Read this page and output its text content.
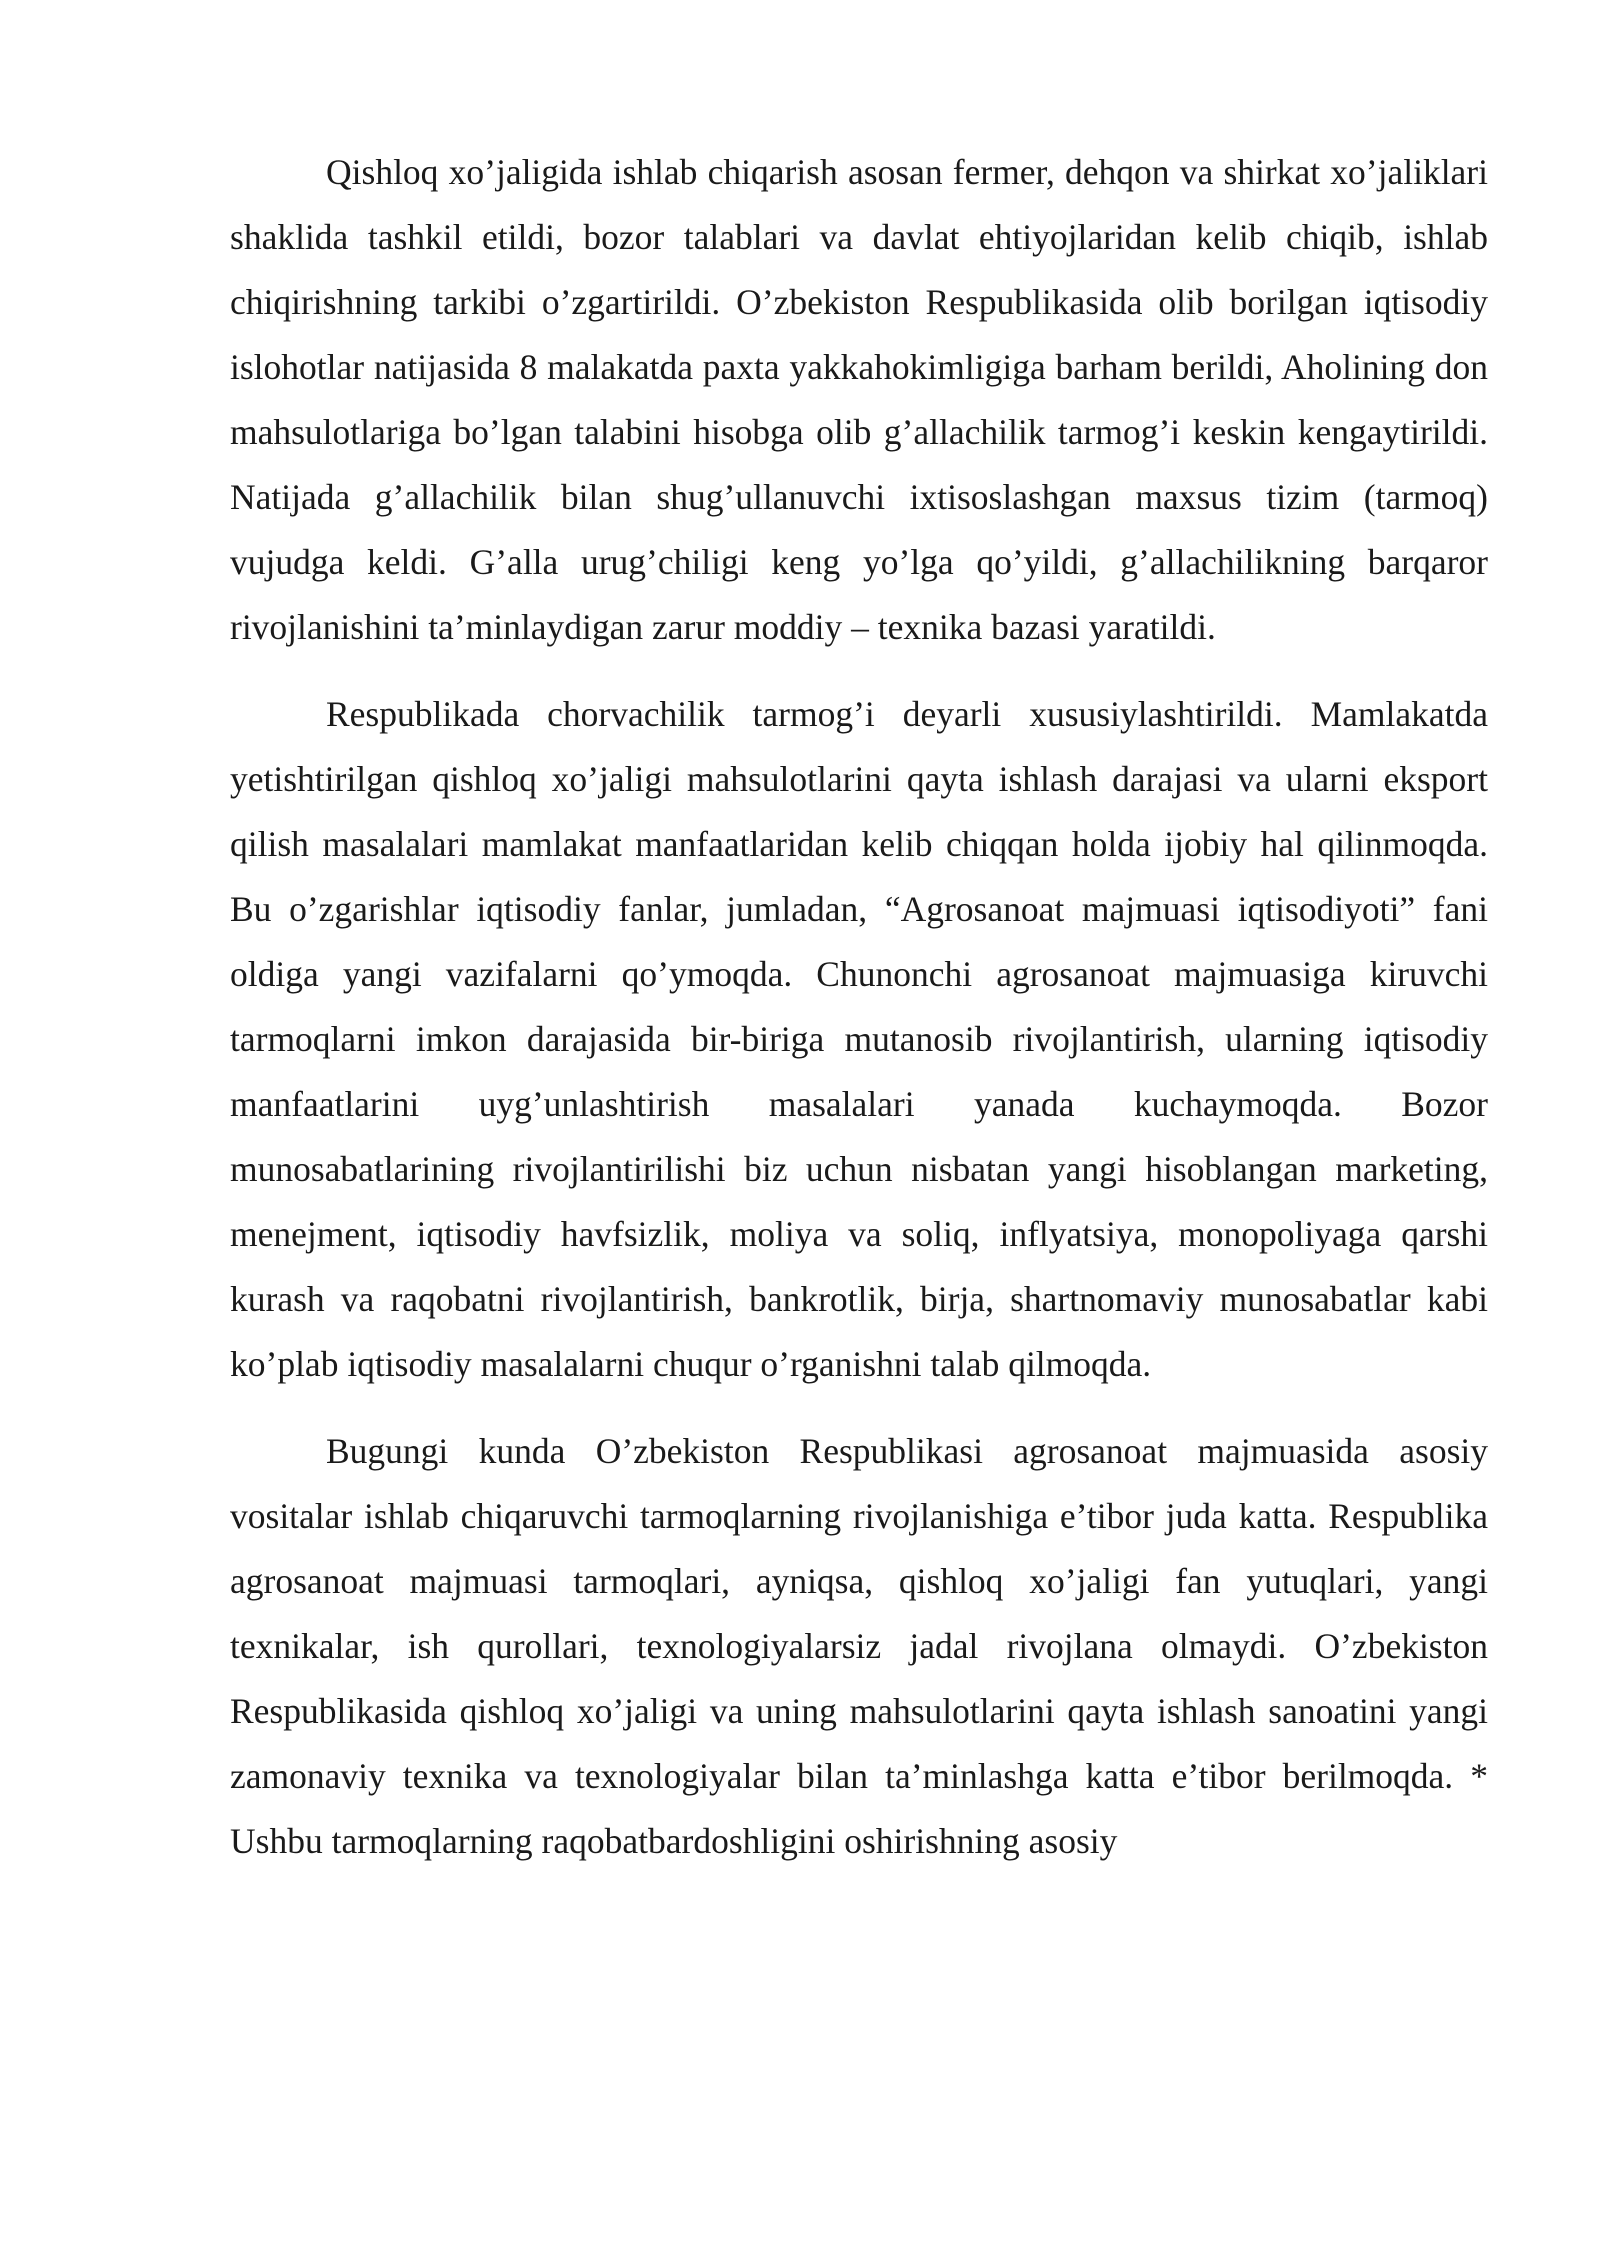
Qishloq xo’jaligida ishlab chiqarish asosan fermer, dehqon va shirkat xo’jaliklari shaklida tashkil etildi, bozor talablari va davlat ehtiyojlaridan kelib chiqib, ishlab chiqirishning tarkibi o’zgartirildi. O’zbekiston Respublikasida olib borilgan iqtisodiy islohotlar natijasida 8 malakatda paxta yakkahokimligiga barham berildi, Aholining don mahsulotlariga bo’lgan talabini hisobga olib g’allachilik tarmog’i keskin kengaytirildi. Natijada g’allachilik bilan shug’ullanuvchi ixtisoslashgan maxsus tizim (tarmoq) vujudga keldi. G’alla urug’chiligi keng yo’lga qo’yildi, g’allachilikning barqaror rivojlanishini ta’minlaydigan zarur moddiy – texnika bazasi yaratildi.

Respublikada chorvachilik tarmog’i deyarli xususiylashtirildi. Mamlakatda yetishtirilgan qishloq xo’jaligi mahsulotlarini qayta ishlash darajasi va ularni eksport qilish masalalari mamlakat manfaatlaridan kelib chiqqan holda ijobiy hal qilinmoqda. Bu o’zgarishlar iqtisodiy fanlar, jumladan, “Agrosanoat majmuasi iqtisodiyoti” fani oldiga yangi vazifalarni qo’ymoqda. Chunonchi agrosanoat majmuasiga kiruvchi tarmoqlarni imkon darajasida bir-biriga mutanosib rivojlantirish, ularning iqtisodiy manfaatlarini uyg’unlashtirish masalalari yanada kuchaymoqda. Bozor munosabatlarining rivojlantirilishi biz uchun nisbatan yangi hisoblangan marketing, menejment, iqtisodiy havfsizlik, moliya va soliq, inflyatsiya, monopoliyaga qarshi kurash va raqobatni rivojlantirish, bankrotlik, birja, shartnomaviy munosabatlar kabi ko’plab iqtisodiy masalalarni chuqur o’rganishni talab qilmoqda.

Bugungi kunda O’zbekiston Respublikasi agrosanoat majmuasida asosiy vositalar ishlab chiqaruvchi tarmoqlarning rivojlanishiga e’tibor juda katta. Respublika agrosanoat majmuasi tarmoqlari, ayniqsa, qishloq xo’jaligi fan yutuqlari, yangi texnikalar, ish qurollari, texnologiyalarsiz jadal rivojlana olmaydi. O’zbekiston Respublikasida qishloq xo’jaligi va uning mahsulotlarini qayta ishlash sanoatini yangi zamonaviy texnika va texnologiyalar bilan ta’minlashga katta e’tibor berilmoqda. * Ushbu tarmoqlarning raqobatbardoshligini oshirishning asosiy
